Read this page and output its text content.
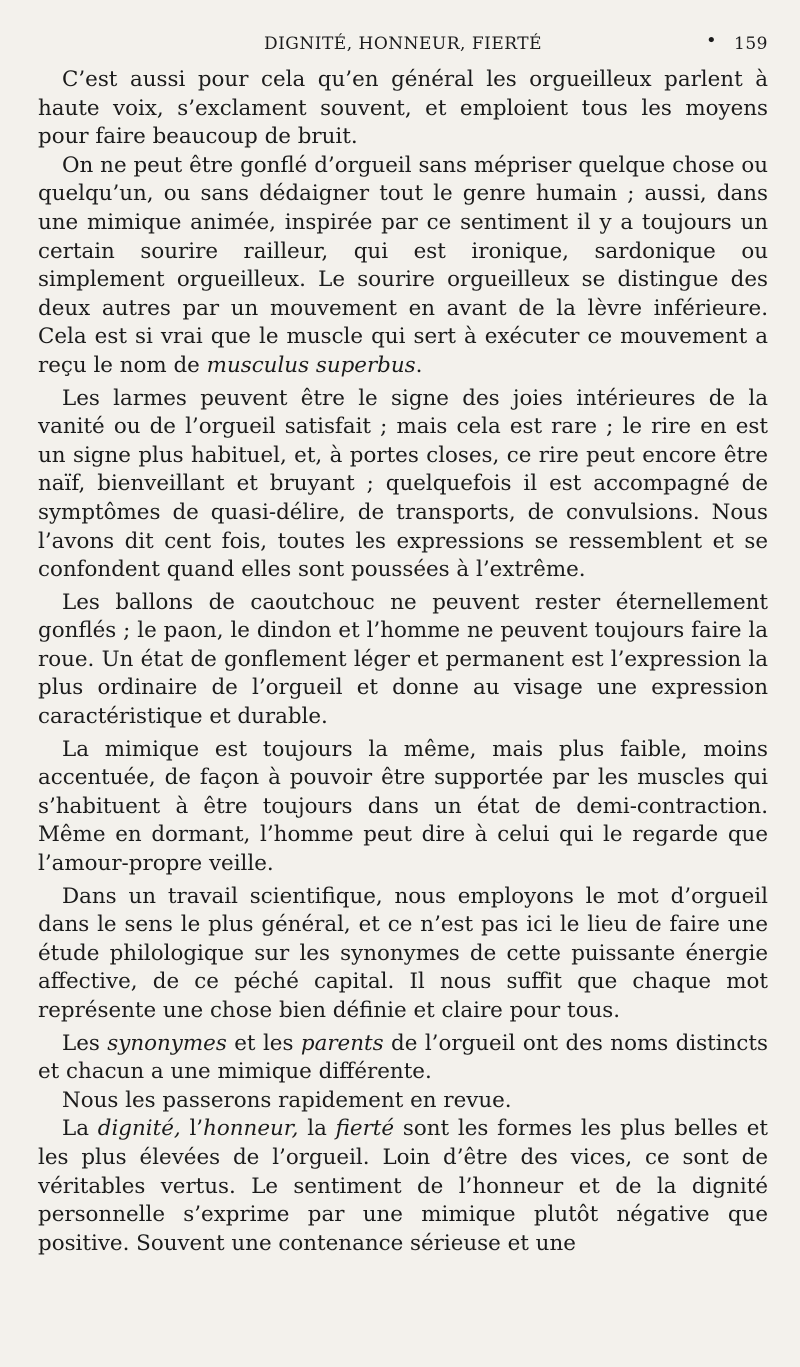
DIGNITÉ, HONNEUR, FIERTÉ	• 159

C’est aussi pour cela qu’en général les orgueilleux parlent à haute voix, s’exclament souvent, et emploient tous les moyens pour faire beaucoup de bruit.

On ne peut être gonflé d’orgueil sans mépriser quelque chose ou quelqu’un, ou sans dédaigner tout le genre humain ; aussi, dans une mimique animée, inspirée par ce sentiment il y a toujours un certain sourire railleur, qui est ironique, sardonique ou simplement orgueilleux. Le sourire orgueilleux se distingue des deux autres par un mouvement en avant de la lèvre inférieure. Cela est si vrai que le muscle qui sert à exécuter ce mouvement a reçu le nom de musculus superbus.

Les larmes peuvent être le signe des joies intérieures de la vanité ou de l’orgueil satisfait ; mais cela est rare ; le rire en est un signe plus habituel, et, à portes closes, ce rire peut encore être naïf, bienveillant et bruyant ; quelquefois il est accompagné de symptômes de quasi-délire, de transports, de convulsions. Nous l’avons dit cent fois, toutes les expressions se ressemblent et se confondent quand elles sont poussées à l’extrême.

Les ballons de caoutchouc ne peuvent rester éternellement gonflés ; le paon, le dindon et l’homme ne peuvent toujours faire la roue. Un état de gonflement léger et permanent est l’expression la plus ordinaire de l’orgueil et donne au visage une expression caractéristique et durable.

La mimique est toujours la même, mais plus faible, moins accentuée, de façon à pouvoir être supportée par les muscles qui s’habituent à être toujours dans un état de demi-contraction. Même en dormant, l’homme peut dire à celui qui le regarde que l’amour-propre veille.

Dans un travail scientifique, nous employons le mot d’orgueil dans le sens le plus général, et ce n’est pas ici le lieu de faire une étude philologique sur les synonymes de cette puissante énergie affective, de ce péché capital. Il nous suffit que chaque mot représente une chose bien définie et claire pour tous.

Les synonymes et les parents de l’orgueil ont des noms distincts et chacun a une mimique différente.

Nous les passerons rapidement en revue.

La dignité, l’honneur, la fierté sont les formes les plus belles et les plus élevées de l’orgueil. Loin d’être des vices, ce sont de véritables vertus. Le sentiment de l’honneur et de la dignité personnelle s’exprime par une mimique plutôt négative que positive. Souvent une contenance sérieuse et une
